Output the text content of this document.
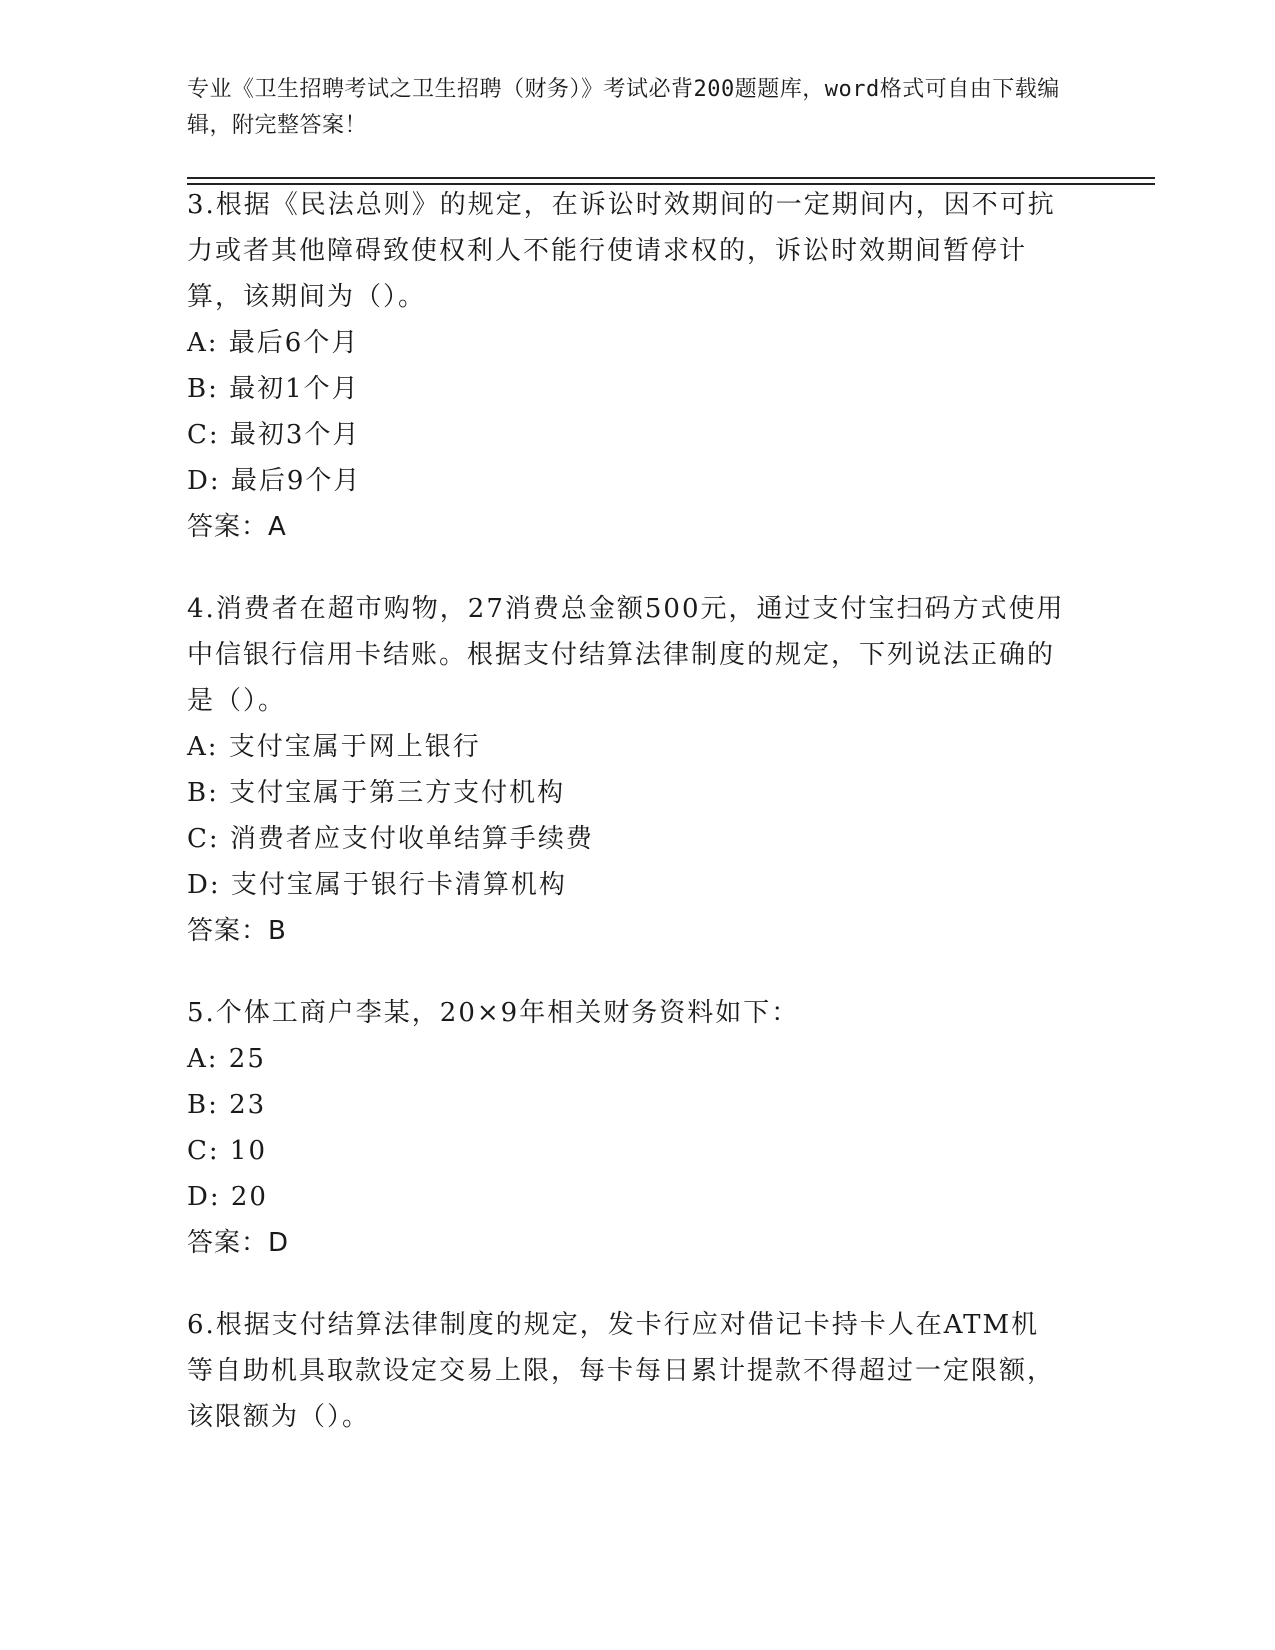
专业《卫生招聘考试之卫生招聘（财务）》考试必背200题题库，word格式可自由下载编辑，附完整答案！
3.根据《民法总则》的规定，在诉讼时效期间的一定期间内，因不可抗力或者其他障碍致使权利人不能行使请求权的，诉讼时效期间暂停计算，该期间为（）。
A: 最后6个月
B: 最初1个月
C: 最初3个月
D: 最后9个月
答案：A
4.消费者在超市购物，27消费总金额500元，通过支付宝扫码方式使用中信银行信用卡结账。根据支付结算法律制度的规定，下列说法正确的是（）。
A: 支付宝属于网上银行
B: 支付宝属于第三方支付机构
C: 消费者应支付收单结算手续费
D: 支付宝属于银行卡清算机构
答案：B
5.个体工商户李某，20×9年相关财务资料如下：
A: 25
B: 23
C: 10
D: 20
答案：D
6.根据支付结算法律制度的规定，发卡行应对借记卡持卡人在ATM机等自助机具取款设定交易上限，每卡每日累计提款不得超过一定限额，该限额为（）。
